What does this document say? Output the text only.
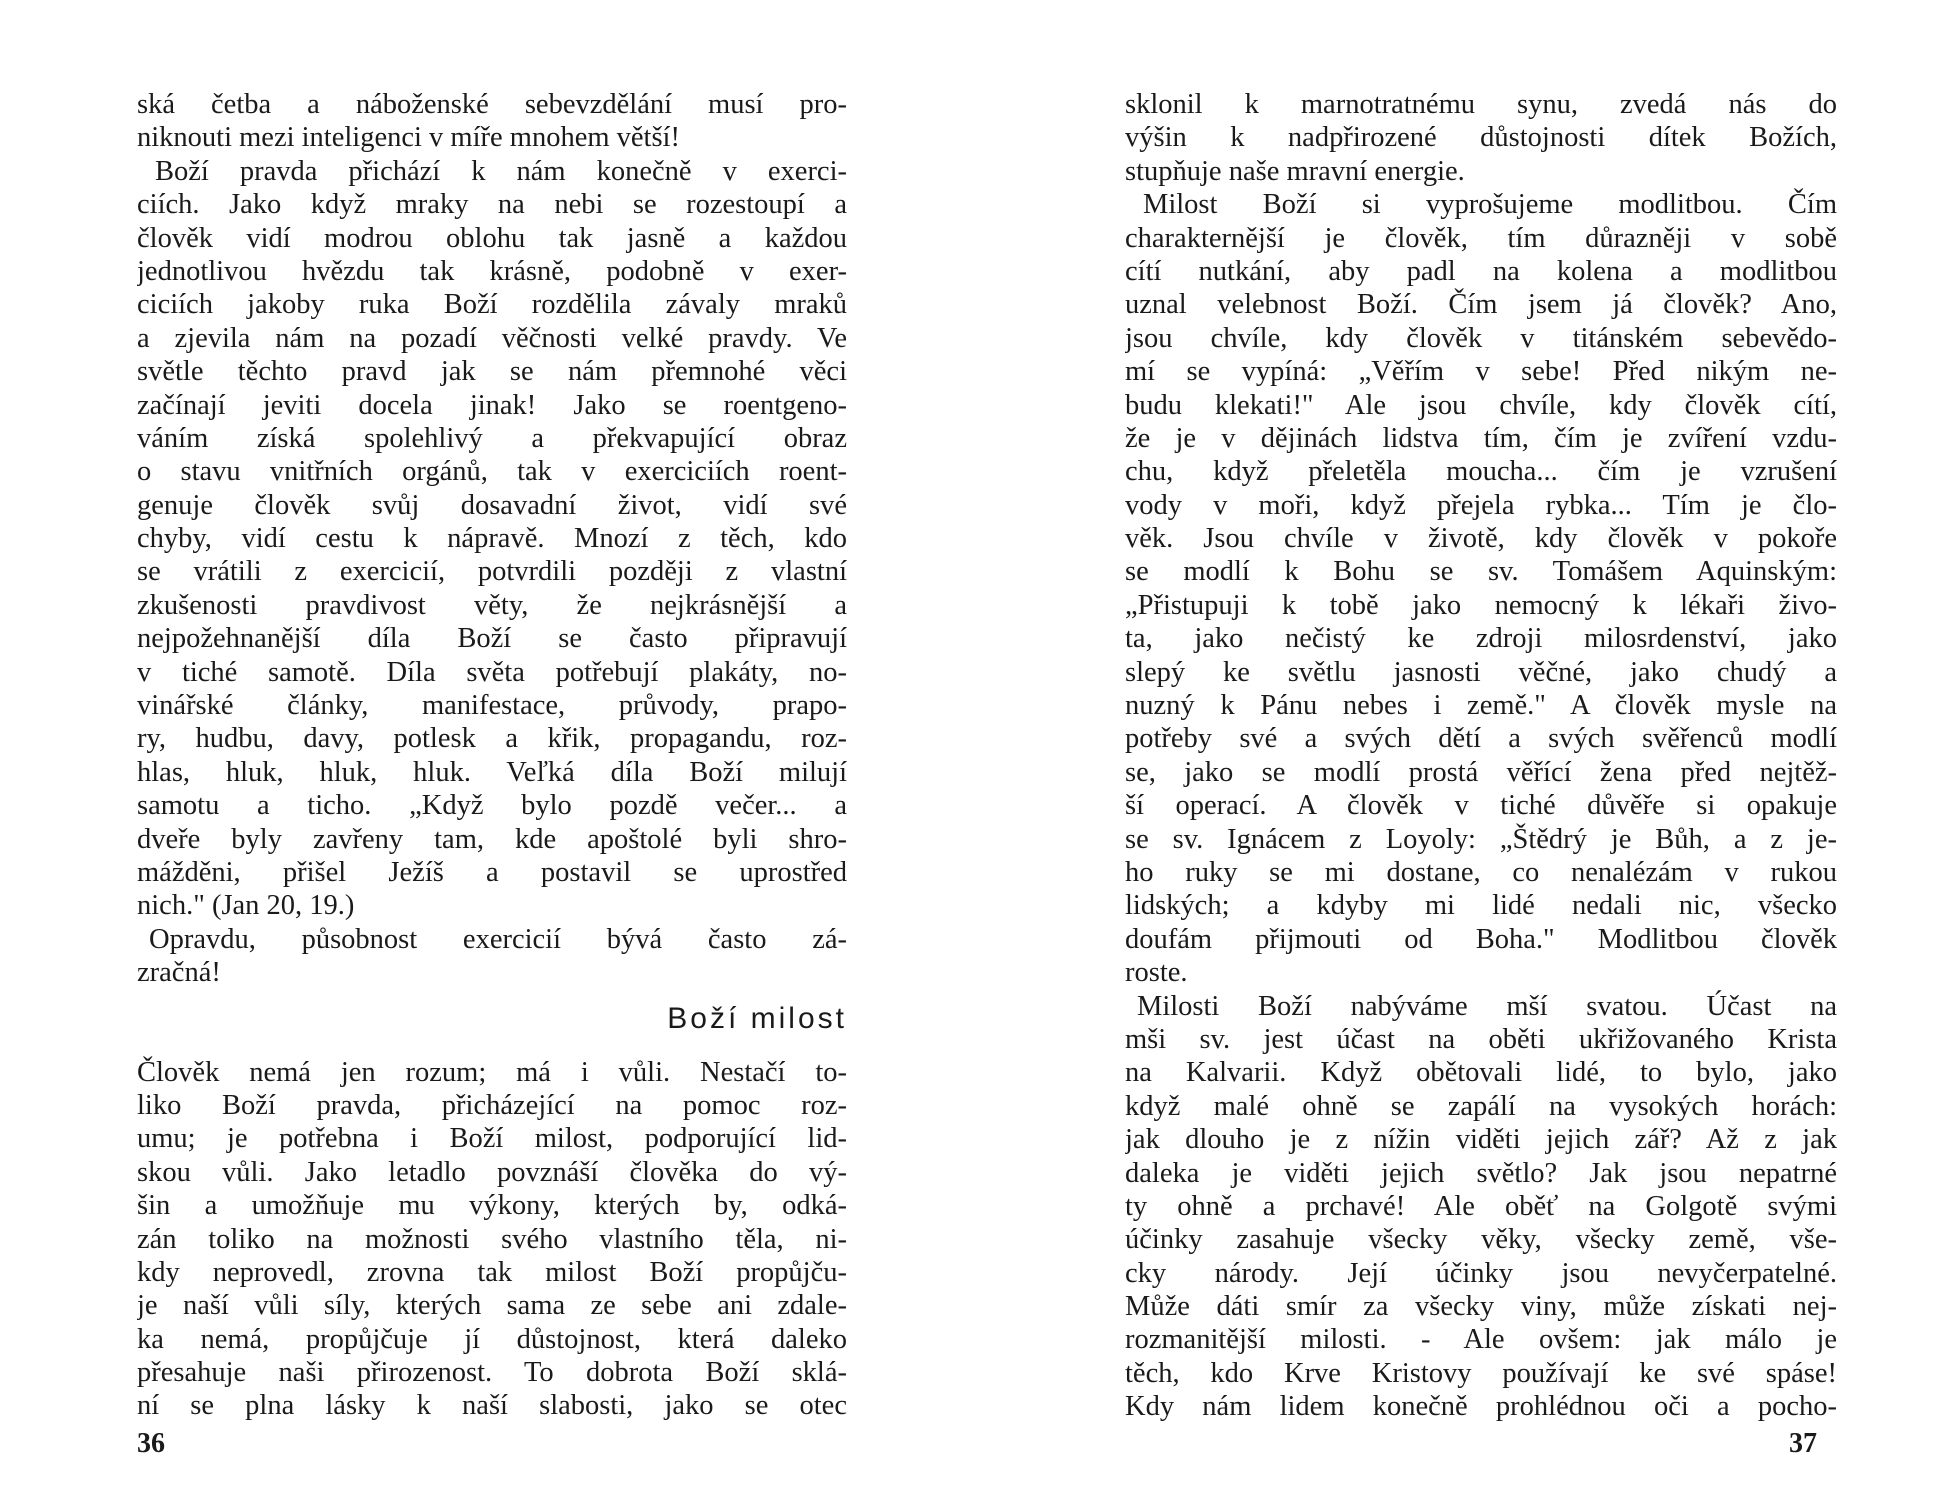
ská četba a náboženské sebevzdělání musí pro-
niknouti mezi inteligenci v míře mnohem větší!
Boží pravda přichází k nám konečně v exerci-
ciích. Jako když mraky na nebi se rozestoupí a
člověk vidí modrou oblohu tak jasně a každou
jednotlivou hvězdu tak krásně, podobně v exer-
ciciích jakoby ruka Boží rozdělila závaly mraků
a zjevila nám na pozadí věčnosti velké pravdy. Ve
světle těchto pravd jak se nám přemnohé věci
začínají jeviti docela jinak! Jako se roentgeno-
váním získá spolehlivý a překvapující obraz
o stavu vnitřních orgánů, tak v exerciciích roent-
genuje člověk svůj dosavadní život, vidí své
chyby, vidí cestu k nápravě. Mnozí z těch, kdo
se vrátili z exercicií, potvrdili později z vlastní
zkušenosti pravdivost věty, že nejkrásnější a
nejpožehnanější díla Boží se často připravují
v tiché samotě. Díla světa potřebují plakáty, no-
vinářské články, manifestace, průvody, prapo-
ry, hudbu, davy, potlesk a křik, propagandu, roz-
hlas, hluk, hluk, hluk. Veľká díla Boží milují
samotu a ticho. „Když bylo pozdě večer... a
dveře byly zavřeny tam, kde apoštolé byli shro-
mážděni, přišel Ježíš a postavil se uprostřed
nich." (Jan 20, 19.)
Opravdu, působnost exercicií bývá často zá-
zračná!
Boží milost
Člověk nemá jen rozum; má i vůli. Nestačí to-
liko Boží pravda, přicházející na pomoc roz-
umu; je potřebna i Boží milost, podporující lid-
skou vůli. Jako letadlo povznáší člověka do vý-
šin a umožňuje mu výkony, kterých by, odká-
zán toliko na možnosti svého vlastního těla, ni-
kdy neprovedl, zrovna tak milost Boží propůjču-
je naší vůli síly, kterých sama ze sebe ani zdale-
ka nemá, propůjčuje jí důstojnost, která daleko
přesahuje naši přirozenost. To dobrota Boží sklá-
ní se plna lásky k naší slabosti, jako se otec
36
sklonil k marnotratnému synu, zvedá nás do
výšin k nadpřirozené důstojnosti dítek Božích,
stupňuje naše mravní energie.
Milost Boží si vyprošujeme modlitbou. Čím
charakternější je člověk, tím důrazněji v sobě
cítí nutkání, aby padl na kolena a modlitbou
uznal velebnost Boží. Čím jsem já člověk? Ano,
jsou chvíle, kdy člověk v titánském sebevědo-
mí se vypíná: „Věřím v sebe! Před nikým ne-
budu klekati!" Ale jsou chvíle, kdy člověk cítí,
že je v dějinách lidstva tím, čím je zvíření vzdu-
chu, když přeletěla moucha... čím je vzrušení
vody v moři, když přejela rybka... Tím je člo-
věk. Jsou chvíle v životě, kdy člověk v pokoře
se modlí k Bohu se sv. Tomášem Aquinským:
„Přistupuji k tobě jako nemocný k lékaři živo-
ta, jako nečistý ke zdroji milosrdenství, jako
slepý ke světlu jasnosti věčné, jako chudý a
nuzný k Pánu nebes i země." A člověk mysle na
potřeby své a svých dětí a svých svěřenců modlí
se, jako se modlí prostá věřící žena před nejtěž-
ší operací. A člověk v tiché důvěře si opakuje
se sv. Ignácem z Loyoly: „Štědrý je Bůh, a z je-
ho ruky se mi dostane, co nenalézám v rukou
lidských; a kdyby mi lidé nedali nic, všecko
doufám přijmouti od Boha." Modlitbou člověk
roste.
Milosti Boží nabýváme mší svatou. Účast na
mši sv. jest účast na oběti ukřižovaného Krista
na Kalvarii. Když obětovali lidé, to bylo, jako
když malé ohně se zapálí na vysokých horách:
jak dlouho je z nížin viděti jejich zář? Až z jak
daleka je viděti jejich světlo? Jak jsou nepatrné
ty ohně a prchavé! Ale oběť na Golgotě svými
účinky zasahuje všecky věky, všecky země, vše-
cky národy. Její účinky jsou nevyčerpatelné.
Může dáti smír za všecky viny, může získati nej-
rozmanitější milosti. - Ale ovšem: jak málo je
těch, kdo Krve Kristovy používají ke své spáse!
Kdy nám lidem konečně prohlédnou oči a pocho-
37
